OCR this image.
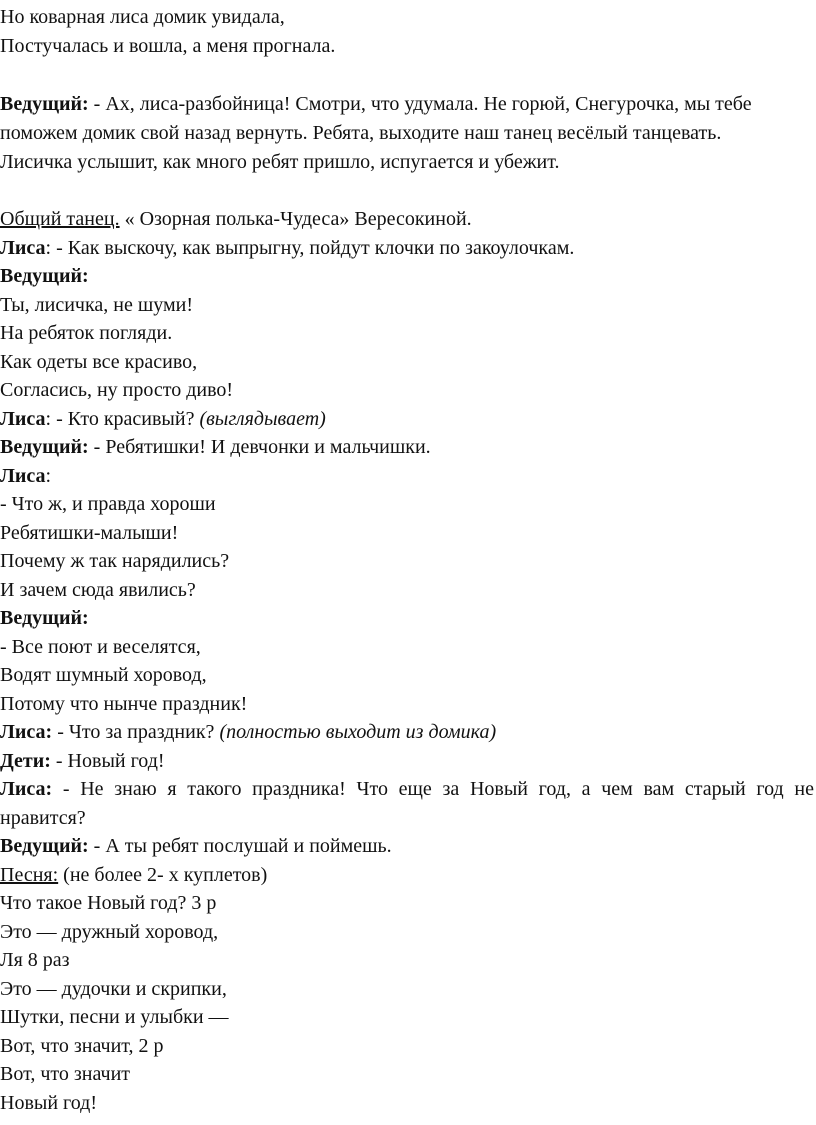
Но коварная лиса домик увидала,
Постучалась и вошла, а меня прогнала.
Ведущий: - Ах, лиса-разбойница! Смотри, что удумала. Не горюй, Снегурочка, мы тебе
поможем домик свой назад вернуть. Ребята, выходите наш танец весёлый танцевать.
Лисичка услышит, как много ребят пришло, испугается и убежит.
Общий танец. « Озорная полька-Чудеса» Вересокиной.
Лиса: - Как выскочу, как выпрыгну, пойдут клочки по закоулочкам.
Ведущий:
Ты, лисичка, не шуми!
На ребяток погляди.
Как одеты все красиво,
Согласись, ну просто диво!
Лиса: - Кто красивый? (выглядывает)
Ведущий: - Ребятишки! И девчонки и мальчишки.
Лиса:
- Что ж, и правда хороши
Ребятишки-малыши!
Почему ж так нарядились?
И зачем сюда явились?
Ведущий:
- Все поют и веселятся,
Водят шумный хоровод,
Потому что нынче праздник!
Лиса: - Что за праздник? (полностью выходит из домика)
Дети: - Новый год!
Лиса: - Не знаю я такого праздника! Что еще за Новый год, а чем вам старый год не
нравится?
Ведущий: - А ты ребят послушай и поймешь.
Песня: (не более 2- х куплетов)
Что такое Новый год? 3 р
Это — дружный хоровод,
Ля 8 раз
Это — дудочки и скрипки,
Шутки, песни и улыбки —
Вот, что значит, 2 р
Вот, что значит
Новый год!
